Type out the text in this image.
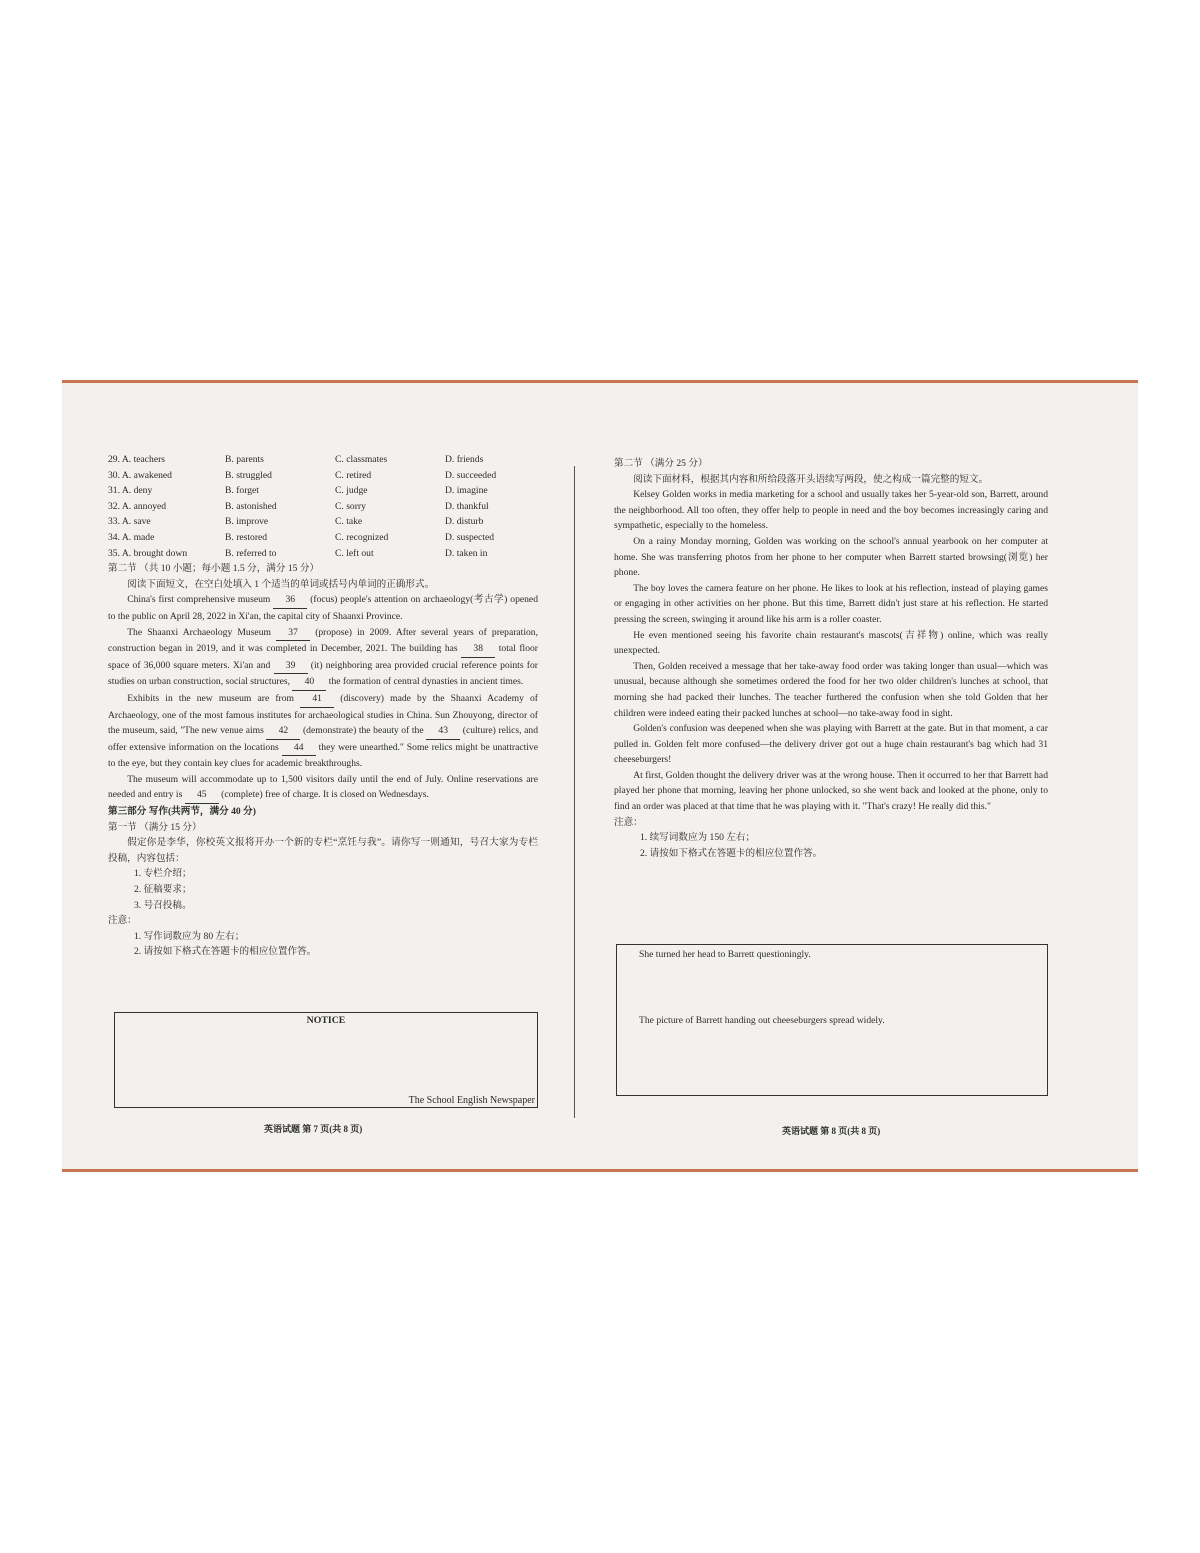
29. A. teachers	B. parents	C. classmates	D. friends
30. A. awakened	B. struggled	C. retired	D. succeeded
31. A. deny	B. forget	C. judge	D. imagine
32. A. annoyed	B. astonished	C. sorry	D. thankful
33. A. save	B. improve	C. take	D. disturb
34. A. made	B. restored	C. recognized	D. suspected
35. A. brought down	B. referred to	C. left out	D. taken in

第二节 （共 10 小题；每小题 1.5 分，满分 15 分）

阅读下面短文，在空白处填入 1 个适当的单词或括号内单词的正确形式。

China's first comprehensive museum 36 (focus) people's attention on archaeology(考古学) opened to the public on April 28, 2022 in Xi'an, the capital city of Shaanxi Province.

The Shaanxi Archaeology Museum 37 (propose) in 2009. After several years of preparation, construction began in 2019, and it was completed in December, 2021. The building has 38 total floor space of 36,000 square meters. Xi'an and 39 (it) neighboring area provided crucial reference points for studies on urban construction, social structures, 40 the formation of central dynasties in ancient times.

Exhibits in the new museum are from 41 (discovery) made by the Shaanxi Academy of Archaeology, one of the most famous institutes for archaeological studies in China. Sun Zhouyong, director of the museum, said, "The new venue aims 42 (demonstrate) the beauty of the 43 (culture) relics, and offer extensive information on the locations 44 they were unearthed." Some relics might be unattractive to the eye, but they contain key clues for academic breakthroughs.

The museum will accommodate up to 1,500 visitors daily until the end of July. Online reservations are needed and entry is 45 (complete) free of charge. It is closed on Wednesdays.

第三部分 写作(共两节，满分 40 分)

第一节 （满分 15 分）

假定你是李华，你校英文报将开办一个新的专栏“烹饪与我”。请你写一则通知，号召大家为专栏投稿，内容包括：

1. 专栏介绍；

2. 征稿要求；

3. 号召投稿。

注意：

1. 写作词数应为 80 左右；

2. 请按如下格式在答题卡的相应位置作答。

NOTICE
The School English Newspaper
英语试题 第 7 页(共 8 页)

第二节 （满分 25 分）

阅读下面材料，根据其内容和所给段落开头语续写两段，使之构成一篇完整的短文。

Kelsey Golden works in media marketing for a school and usually takes her 5-year-old son, Barrett, around the neighborhood. All too often, they offer help to people in need and the boy becomes increasingly caring and sympathetic, especially to the homeless.

On a rainy Monday morning, Golden was working on the school's annual yearbook on her computer at home. She was transferring photos from her phone to her computer when Barrett started browsing(浏览) her phone.

The boy loves the camera feature on her phone. He likes to look at his reflection, instead of playing games or engaging in other activities on her phone. But this time, Barrett didn't just stare at his reflection. He started pressing the screen, swinging it around like his arm is a roller coaster.

He even mentioned seeing his favorite chain restaurant's mascots(吉祥物) online, which was really unexpected.

Then, Golden received a message that her take-away food order was taking longer than usual—which was unusual, because although she sometimes ordered the food for her two older children's lunches at school, that morning she had packed their lunches. The teacher furthered the confusion when she told Golden that her children were indeed eating their packed lunches at school—no take-away food in sight.

Golden's confusion was deepened when she was playing with Barrett at the gate. But in that moment, a car pulled in. Golden felt more confused—the delivery driver got out a huge chain restaurant's bag which had 31 cheeseburgers!

At first, Golden thought the delivery driver was at the wrong house. Then it occurred to her that Barrett had played her phone that morning, leaving her phone unlocked, so she went back and looked at the phone, only to find an order was placed at that time that he was playing with it. "That's crazy! He really did this."

注意：

1. 续写词数应为 150 左右；

2. 请按如下格式在答题卡的相应位置作答。

She turned her head to Barrett questioningly.
The picture of Barrett handing out cheeseburgers spread widely.
英语试题 第 8 页(共 8 页)
